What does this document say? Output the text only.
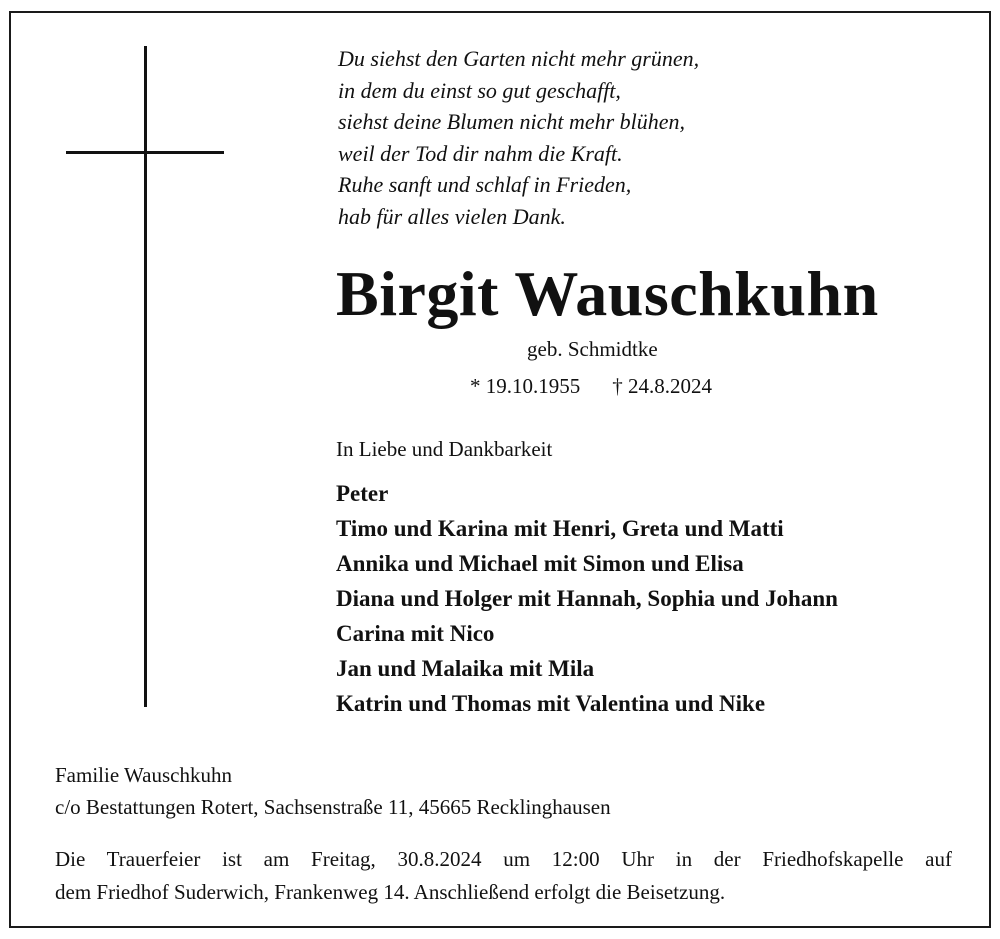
Du siehst den Garten nicht mehr grünen,
in dem du einst so gut geschafft,
siehst deine Blumen nicht mehr blühen,
weil der Tod dir nahm die Kraft.
Ruhe sanft und schlaf in Frieden,
hab für alles vielen Dank.
Birgit Wauschkuhn
geb. Schmidtke
* 19.10.1955 † 24.8.2024
In Liebe und Dankbarkeit
Peter
Timo und Karina mit Henri, Greta und Matti
Annika und Michael mit Simon und Elisa
Diana und Holger mit Hannah, Sophia und Johann
Carina mit Nico
Jan und Malaika mit Mila
Katrin und Thomas mit Valentina und Nike
Familie Wauschkuhn
c/o Bestattungen Rotert, Sachsenstraße 11, 45665 Recklinghausen
Die Trauerfeier ist am Freitag, 30.8.2024 um 12:00 Uhr in der Friedhofskapelle auf
dem Friedhof Suderwich, Frankenweg 14. Anschließend erfolgt die Beisetzung.
